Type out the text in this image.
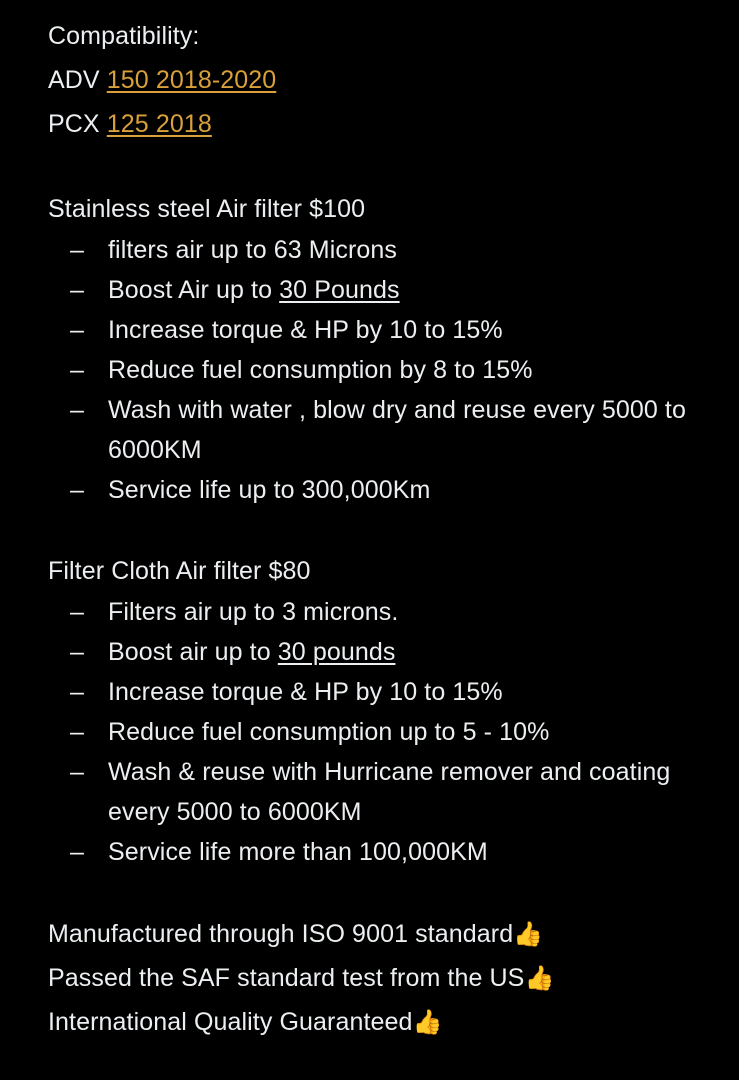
Compatibility:
ADV 150 2018-2020
PCX 125 2018
Stainless steel Air filter $100
– filters air up to 63 Microns
– Boost Air up to 30 Pounds
– Increase torque & HP by 10 to 15%
– Reduce fuel consumption by 8 to 15%
– Wash with water , blow dry and reuse every 5000 to 6000KM
– Service life up to 300,000Km
Filter Cloth Air filter $80
– Filters air up to 3 microns.
– Boost air up to 30 pounds
– Increase torque & HP by 10 to 15%
– Reduce fuel consumption up to 5 - 10%
– Wash & reuse with Hurricane remover and coating every 5000 to 6000KM
– Service life more than 100,000KM
Manufactured through ISO 9001 standard👍
Passed the SAF standard test from the US👍
International Quality Guaranteed👍
